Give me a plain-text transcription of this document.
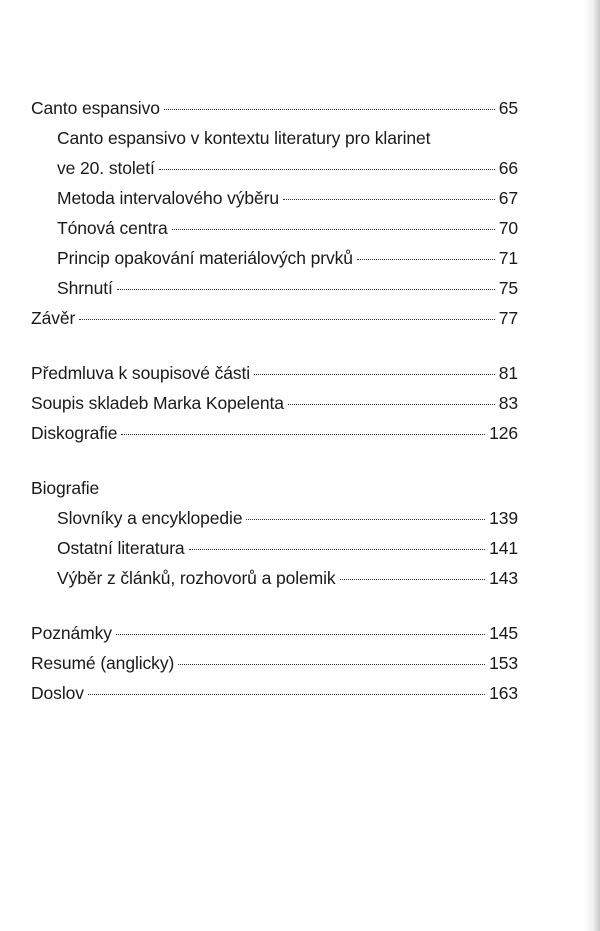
Canto espansivo	65
Canto espansivo v kontextu literatury pro klarinet
ve 20. století	66
Metoda intervalového výběru	67
Tónová centra	70
Princip opakování materiálových prvků	71
Shrnutí	75
Závěr	77
Předmluva k soupisové části	81
Soupis skladeb Marka Kopelenta	83
Diskografie	126
Biografie
Slovníky a encyklopedie	139
Ostatní literatura	141
Výběr z článků, rozhovorů a polemik	143
Poznámky	145
Resumé (anglicky)	153
Doslov	163
